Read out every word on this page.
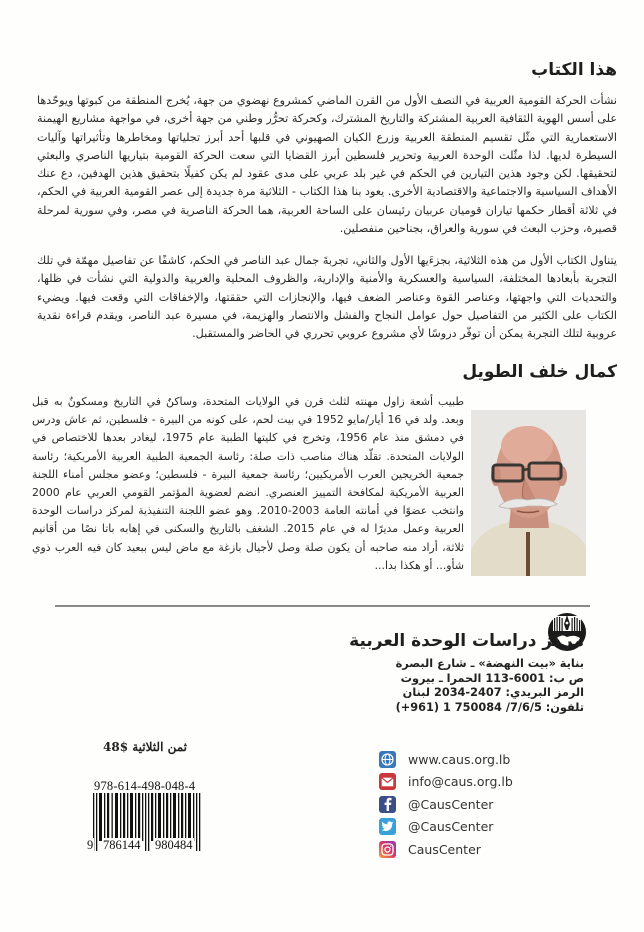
هذا الكتاب

نشأت الحركة القومية العربية في النصف الأول من القرن الماضي كمشروع نهضوي من جهة، يُخرج المنطقة من كبوتها ويوحّدها على أسس الهوية الثقافية العربية المشتركة والتاريخ المشترك، وكحركة تحرُّر وطني من جهة أخرى، في مواجهة مشاريع الهيمنة الاستعمارية التي مثّل تقسيم المنطقة العربية وزرع الكيان الصهيوني في قلبها أحد أبرز تجلياتها ومخاطرها وتأثيراتها وآليات السيطرة لديها. لذا مثّلت الوحدة العربية وتحرير فلسطين أبرز القضايا التي سعت الحركة القومية بتياريها الناصري والبعثي لتحقيقها. لكن وجود هذين التيارين في الحكم في غير بلد عربي على مدى عقود لم يكن كفيلًا بتحقيق هذين الهدفين، دع عنك الأهداف السياسية والاجتماعية والاقتصادية الأخرى. يعود بنا هذا الكتاب - الثلاثية مرة جديدة إلى عصر القومية العربية في الحكم، في ثلاثة أقطار حكمها تياران قوميان عربيان رئيسان على الساحة العربية، هما الحركة الناصرية في مصر، وفي سورية لمرحلة قصيرة، وحزب البعث في سورية والعراق، بجناحين منفصلين.

يتناول الكتاب الأول من هذه الثلاثية، بجزءَيها الأول والثاني، تجربةَ جمال عبد الناصر في الحكم، كاشفًا عن تفاصيل مهمّة في تلك التجربة بأبعادها المختلفة، السياسية والعسكرية والأمنية والإدارية، والظروف المحلية والعربية والدولية التي نشأت في ظلها، والتحديات التي واجهتها، وعناصر القوة وعناصر الضعف فيها، والإنجازات التي حققتها، والإخفاقات التي وقعت فيها. ويضيء الكتاب على الكثير من التفاصيل حول عوامل النجاح والفشل والانتصار والهزيمة، في مسيرة عبد الناصر، ويقدم قراءة نقدية عروبية لتلك التجربة يمكن أن توفّر دروسًا لأي مشروع عروبي تحرري في الحاضر والمستقبل.

كمال خلف الطويل

طبيب أشعة زاول مهنته لثلث قرن في الولايات المتحدة، وساكنٌ في التاريخ ومسكونٌ به قبل وبعد. ولد في 16 أيار/مايو 1952 في بيت لحم، على كونه من البيرة - فلسطين، ثم عاش ودرس في دمشق منذ عام 1956، وتخرج في كليتها الطبية عام 1975، ليغادر بعدها للاختصاص في الولايات المتحدة. تقلّد هناك مناصب ذات صلة: رئاسة الجمعية الطبية العربية الأمريكية؛ رئاسة جمعية الخريجين العرب الأمريكيين؛ رئاسة جمعية البيرة - فلسطين؛ وعضو مجلس أمناء اللجنة العربية الأمريكية لمكافحة التمييز العنصري. انضم لعضوية المؤتمر القومي العربي عام 2000 وانتخب عضوًا في أمانته العامة 2003-2010. وهو عضو اللجنة التنفيذية لمركز دراسات الوحدة العربية وعمل مديرًا له في عام 2015. الشغف بالتاريخ والسكنى في إهابه باتا نصًا من أقانيم ثلاثة، أراد منه صاحبه أن يكون صلة وصل لأجيال بازغة مع ماض ليس ببعيد كان فيه العرب ذوي شأو... أو هكذا بدا...

مركز دراسات الوحدة العربية
بناية «بيت النهضة» ـ شارع البصرة
ص ب: 6001-113 الحمرا ـ بيروت
الرمز البريدي: 2407-2034 لبنان
تلفون: 7/6/5/ 750084 1 (961+)
www.caus.org.lb
info@caus.org.lb
@CausCenter
@CausCenter
CausCenter
ثمن الثلاثية $48
978-614-498-048-4
9 786144 980484
